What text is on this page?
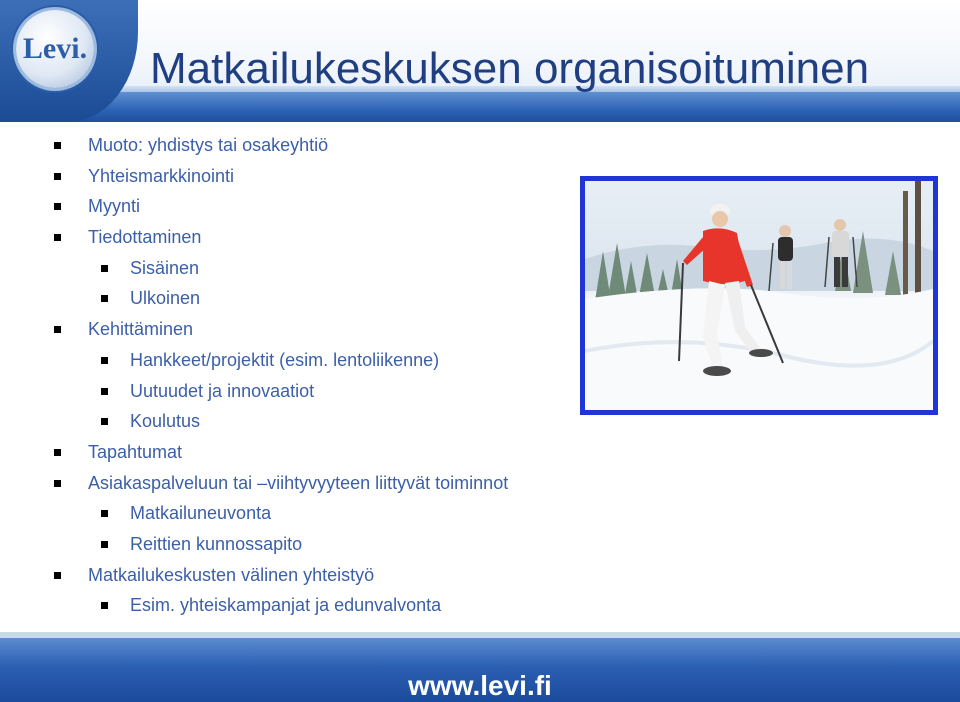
Levi. Matkailukeskuksen organisoituminen
Muoto: yhdistys tai osakeyhtiö
Yhteismarkkinointi
Myynti
Tiedottaminen
Sisäinen
Ulkoinen
Kehittäminen
Hankkeet/projektit (esim. lentoliikenne)
Uutuudet ja innovaatiot
Koulutus
Tapahtumat
Asiakaspalveluun tai –viihtyvyyteen liittyvät toiminnot
Matkailuneuvonta
Reittien kunnossapito
Matkailukeskusten välinen yhteistyö
Esim. yhteiskampanjat ja edunvalvonta
www.levi.fi
